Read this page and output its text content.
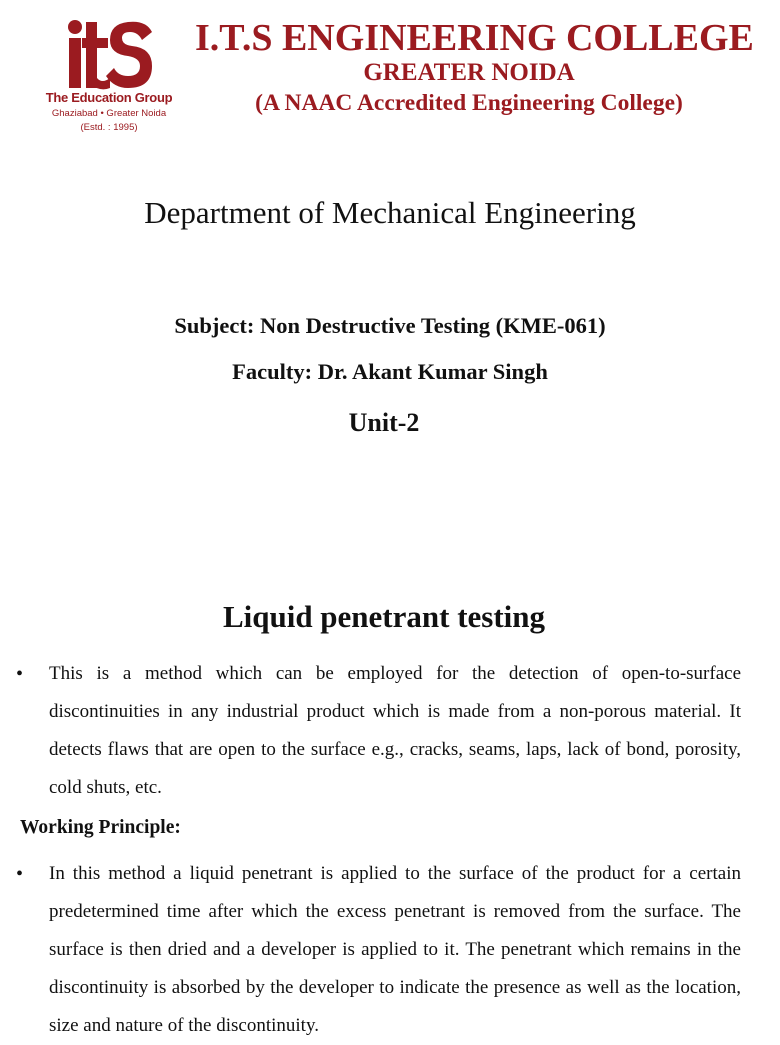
The Education Group
Ghaziabad • Greater Noida
(Estd. : 1995)
I.T.S ENGINEERING COLLEGE
GREATER NOIDA
(A NAAC Accredited Engineering College)
Department of Mechanical Engineering
Subject: Non Destructive Testing (KME-061)
Faculty: Dr. Akant Kumar Singh
Unit-2
Liquid penetrant testing
• This is a method which can be employed for the detection of open-to-surface discontinuities in any industrial product which is made from a non-porous material. It detects flaws that are open to the surface e.g., cracks, seams, laps, lack of bond, porosity, cold shuts, etc.
Working Principle:
• In this method a liquid penetrant is applied to the surface of the product for a certain predetermined time after which the excess penetrant is removed from the surface. The surface is then dried and a developer is applied to it. The penetrant which remains in the discontinuity is absorbed by the developer to indicate the presence as well as the location, size and nature of the discontinuity.
